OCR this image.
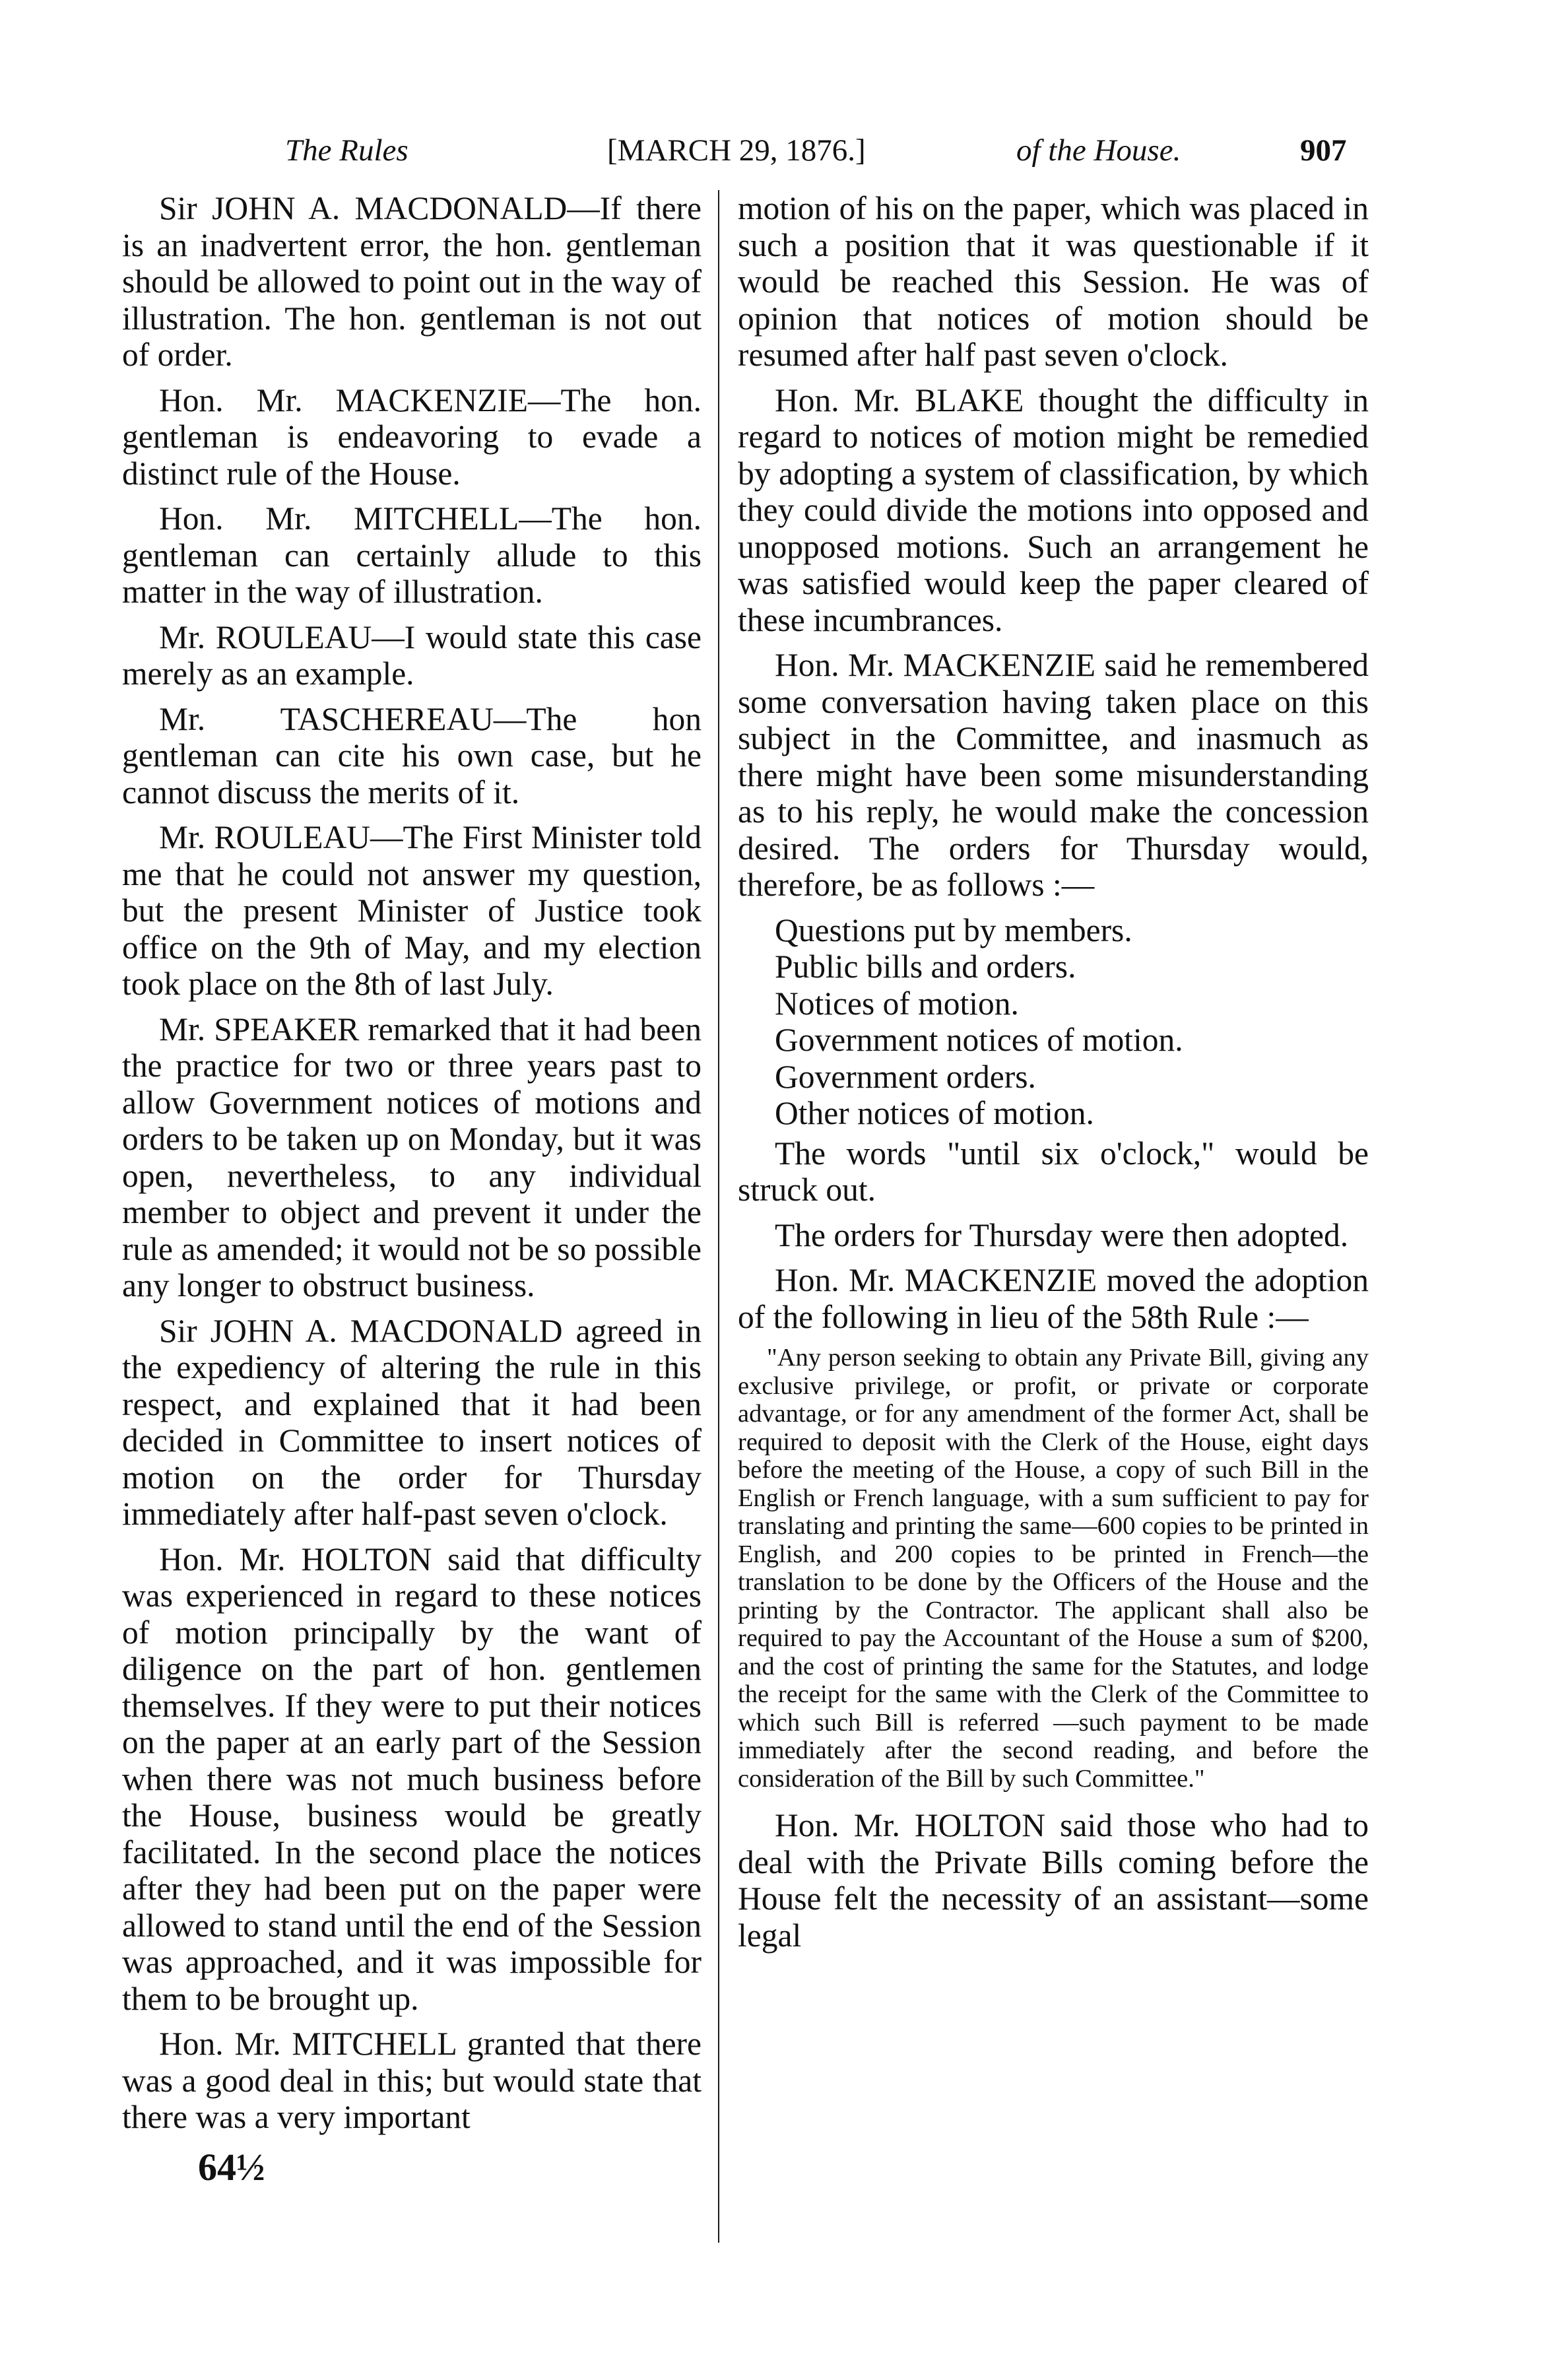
The Rules	[MARCH 29, 1876.]	of the House.	907

Sir JOHN A. MACDONALD—If there is an inadvertent error, the hon. gentleman should be allowed to point out in the way of illustration. The hon. gentleman is not out of order.

Hon. Mr. MACKENZIE—The hon. gentleman is endeavoring to evade a distinct rule of the House.

Hon. Mr. MITCHELL—The hon. gentleman can certainly allude to this matter in the way of illustration.

Mr. ROULEAU—I would state this case merely as an example.

Mr. TASCHEREAU—The hon gentleman can cite his own case, but he cannot discuss the merits of it.

Mr. ROULEAU—The First Minister told me that he could not answer my question, but the present Minister of Justice took office on the 9th of May, and my election took place on the 8th of last July.

Mr. SPEAKER remarked that it had been the practice for two or three years past to allow Government notices of motions and orders to be taken up on Monday, but it was open, nevertheless, to any individual member to object and prevent it under the rule as amended; it would not be so possible any longer to obstruct business.

Sir JOHN A. MACDONALD agreed in the expediency of altering the rule in this respect, and explained that it had been decided in Committee to insert notices of motion on the order for Thursday immediately after half-past seven o'clock.

Hon. Mr. HOLTON said that difficulty was experienced in regard to these notices of motion principally by the want of diligence on the part of hon. gentlemen themselves. If they were to put their notices on the paper at an early part of the Session when there was not much business before the House, business would be greatly facilitated. In the second place the notices after they had been put on the paper were allowed to stand until the end of the Session was approached, and it was impossible for them to be brought up.

Hon. Mr. MITCHELL granted that there was a good deal in this; but would state that there was a very important

motion of his on the paper, which was placed in such a position that it was questionable if it would be reached this Session. He was of opinion that notices of motion should be resumed after half past seven o'clock.

Hon. Mr. BLAKE thought the difficulty in regard to notices of motion might be remedied by adopting a system of classification, by which they could divide the motions into opposed and unopposed motions. Such an arrangement he was satisfied would keep the paper cleared of these incumbrances.

Hon. Mr. MACKENZIE said he remembered some conversation having taken place on this subject in the Committee, and inasmuch as there might have been some misunderstanding as to his reply, he would make the concession desired. The orders for Thursday would, therefore, be as follows :—

Questions put by members.
Public bills and orders.
Notices of motion.
Government notices of motion.
Government orders.
Other notices of motion.

The words "until six o'clock," would be struck out.

The orders for Thursday were then adopted.

Hon. Mr. MACKENZIE moved the adoption of the following in lieu of the 58th Rule :—

"Any person seeking to obtain any Private Bill, giving any exclusive privilege, or profit, or private or corporate advantage, or for any amendment of the former Act, shall be required to deposit with the Clerk of the House, eight days before the meeting of the House, a copy of such Bill in the English or French language, with a sum sufficient to pay for translating and printing the same—600 copies to be printed in English, and 200 copies to be printed in French—the translation to be done by the Officers of the House and the printing by the Contractor. The applicant shall also be required to pay the Accountant of the House a sum of $200, and the cost of printing the same for the Statutes, and lodge the receipt for the same with the Clerk of the Committee to which such Bill is referred —such payment to be made immediately after the second reading, and before the consideration of the Bill by such Committee."

Hon. Mr. HOLTON said those who had to deal with the Private Bills coming before the House felt the necessity of an assistant—some legal

64½
